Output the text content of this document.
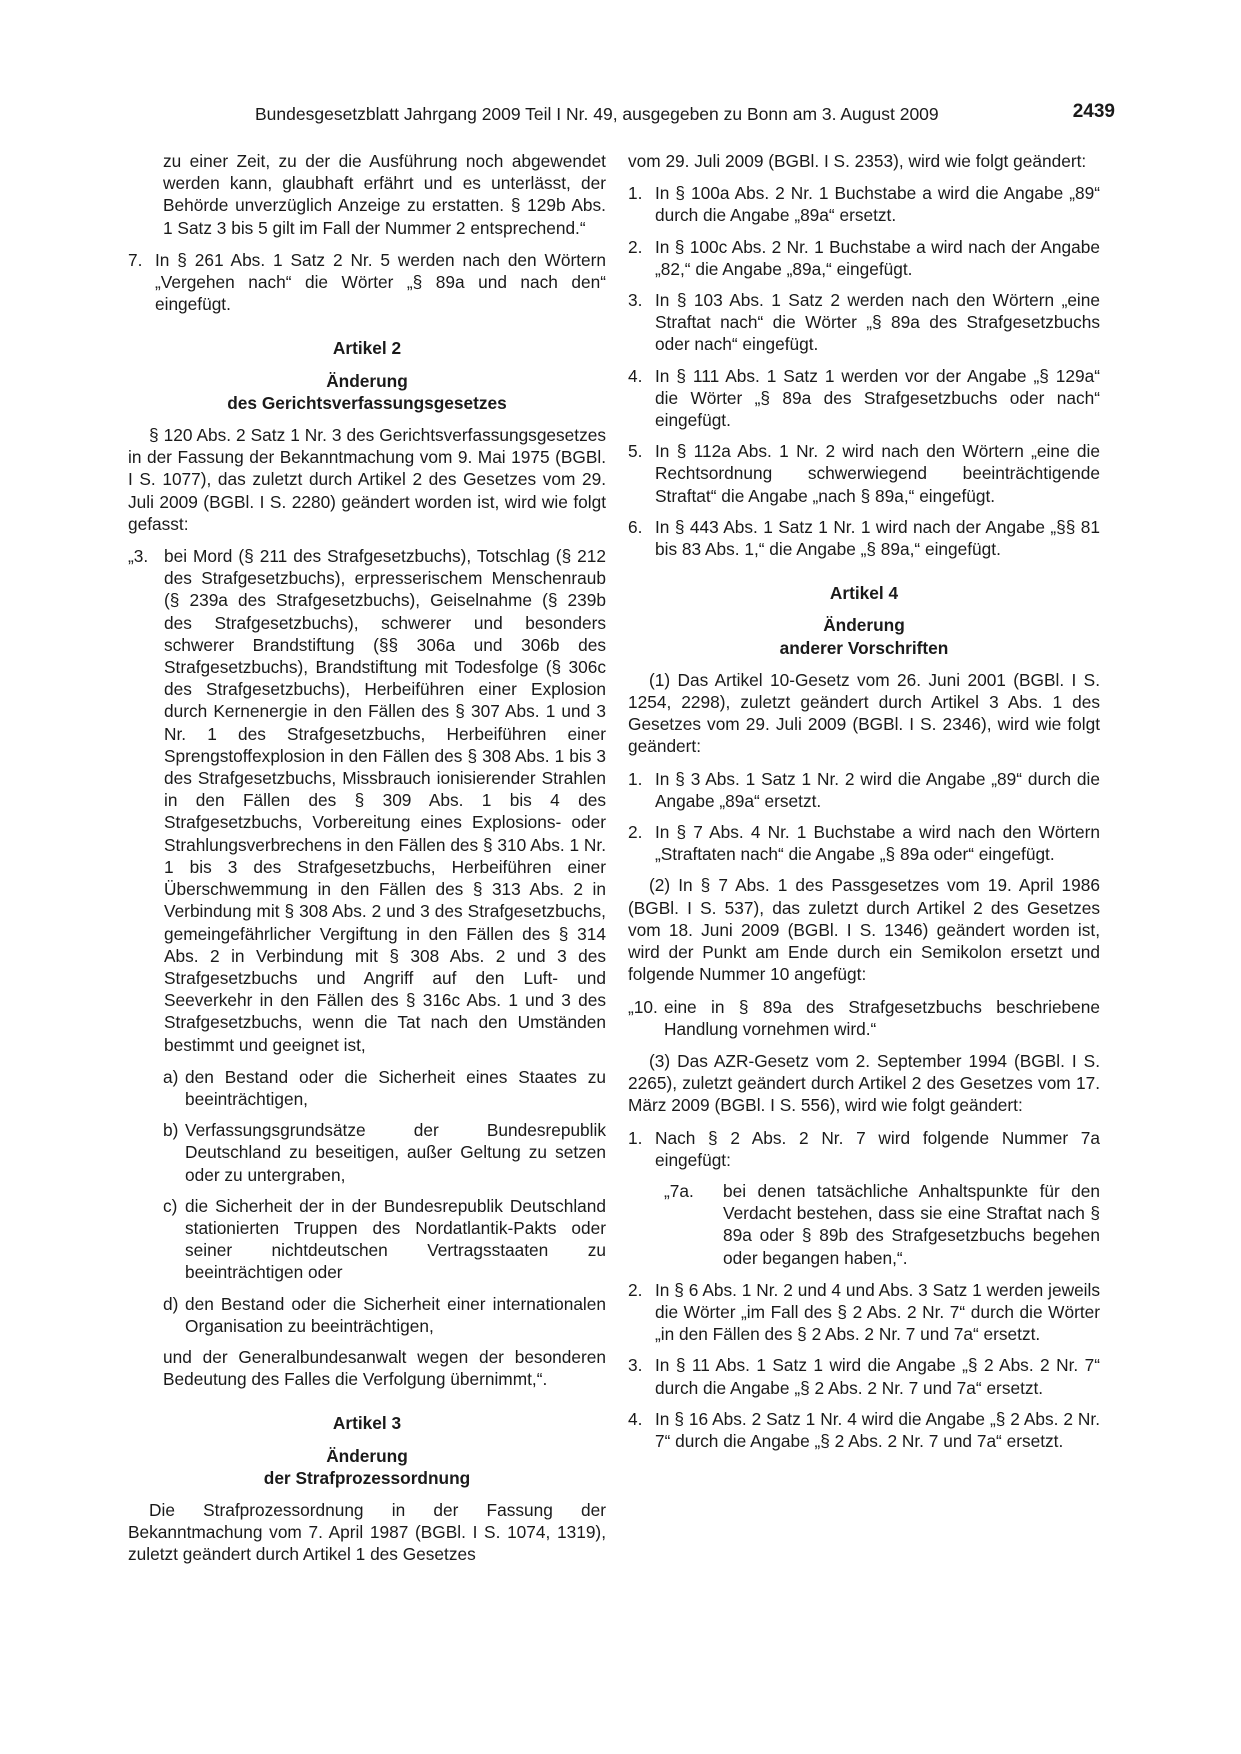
Bundesgesetzblatt Jahrgang 2009 Teil I Nr. 49, ausgegeben zu Bonn am 3. August 2009	2439

zu einer Zeit, zu der die Ausführung noch abgewendet werden kann, glaubhaft erfährt und es unterlässt, der Behörde unverzüglich Anzeige zu erstatten. § 129b Abs. 1 Satz 3 bis 5 gilt im Fall der Nummer 2 entsprechend.“

7. In § 261 Abs. 1 Satz 2 Nr. 5 werden nach den Wörtern „Vergehen nach“ die Wörter „§ 89a und nach den“ eingefügt.

Artikel 2

Änderung

des Gerichtsverfassungsgesetzes

§ 120 Abs. 2 Satz 1 Nr. 3 des Gerichtsverfassungsgesetzes in der Fassung der Bekanntmachung vom 9. Mai 1975 (BGBl. I S. 1077), das zuletzt durch Artikel 2 des Gesetzes vom 29. Juli 2009 (BGBl. I S. 2280) geändert worden ist, wird wie folgt gefasst:

„3. bei Mord (§ 211 des Strafgesetzbuchs), Totschlag (§ 212 des Strafgesetzbuchs), erpresserischem Menschenraub (§ 239a des Strafgesetzbuchs), Geiselnahme (§ 239b des Strafgesetzbuchs), schwerer und besonders schwerer Brandstiftung (§§ 306a und 306b des Strafgesetzbuchs), Brandstiftung mit Todesfolge (§ 306c des Strafgesetzbuchs), Herbeiführen einer Explosion durch Kernenergie in den Fällen des § 307 Abs. 1 und 3 Nr. 1 des Strafgesetzbuchs, Herbeiführen einer Sprengstoffexplosion in den Fällen des § 308 Abs. 1 bis 3 des Strafgesetzbuchs, Missbrauch ionisierender Strahlen in den Fällen des § 309 Abs. 1 bis 4 des Strafgesetzbuchs, Vorbereitung eines Explosions- oder Strahlungsverbrechens in den Fällen des § 310 Abs. 1 Nr. 1 bis 3 des Strafgesetzbuchs, Herbeiführen einer Überschwemmung in den Fällen des § 313 Abs. 2 in Verbindung mit § 308 Abs. 2 und 3 des Strafgesetzbuchs, gemeingefährlicher Vergiftung in den Fällen des § 314 Abs. 2 in Verbindung mit § 308 Abs. 2 und 3 des Strafgesetzbuchs und Angriff auf den Luft- und Seeverkehr in den Fällen des § 316c Abs. 1 und 3 des Strafgesetzbuchs, wenn die Tat nach den Umständen bestimmt und geeignet ist,
a) den Bestand oder die Sicherheit eines Staates zu beeinträchtigen,
b) Verfassungsgrundsätze der Bundesrepublik Deutschland zu beseitigen, außer Geltung zu setzen oder zu untergraben,
c) die Sicherheit der in der Bundesrepublik Deutschland stationierten Truppen des Nordatlantik-Pakts oder seiner nichtdeutschen Vertragsstaaten zu beeinträchtigen oder
d) den Bestand oder die Sicherheit einer internationalen Organisation zu beeinträchtigen,

und der Generalbundesanwalt wegen der besonderen Bedeutung des Falles die Verfolgung übernimmt,“.

Artikel 3

Änderung

der Strafprozessordnung

Die Strafprozessordnung in der Fassung der Bekanntmachung vom 7. April 1987 (BGBl. I S. 1074, 1319), zuletzt geändert durch Artikel 1 des Gesetzes

vom 29. Juli 2009 (BGBl. I S. 2353), wird wie folgt geändert:

1. In § 100a Abs. 2 Nr. 1 Buchstabe a wird die Angabe „89“ durch die Angabe „89a“ ersetzt.
2. In § 100c Abs. 2 Nr. 1 Buchstabe a wird nach der Angabe „82,“ die Angabe „89a,“ eingefügt.
3. In § 103 Abs. 1 Satz 2 werden nach den Wörtern „eine Straftat nach“ die Wörter „§ 89a des Strafgesetzbuchs oder nach“ eingefügt.
4. In § 111 Abs. 1 Satz 1 werden vor der Angabe „§ 129a“ die Wörter „§ 89a des Strafgesetzbuchs oder nach“ eingefügt.
5. In § 112a Abs. 1 Nr. 2 wird nach den Wörtern „eine die Rechtsordnung schwerwiegend beeinträchtigende Straftat“ die Angabe „nach § 89a,“ eingefügt.
6. In § 443 Abs. 1 Satz 1 Nr. 1 wird nach der Angabe „§§ 81 bis 83 Abs. 1,“ die Angabe „§ 89a,“ eingefügt.

Artikel 4

Änderung

anderer Vorschriften

(1) Das Artikel 10-Gesetz vom 26. Juni 2001 (BGBl. I S. 1254, 2298), zuletzt geändert durch Artikel 3 Abs. 1 des Gesetzes vom 29. Juli 2009 (BGBl. I S. 2346), wird wie folgt geändert:

1. In § 3 Abs. 1 Satz 1 Nr. 2 wird die Angabe „89“ durch die Angabe „89a“ ersetzt.
2. In § 7 Abs. 4 Nr. 1 Buchstabe a wird nach den Wörtern „Straftaten nach“ die Angabe „§ 89a oder“ eingefügt.

(2) In § 7 Abs. 1 des Passgesetzes vom 19. April 1986 (BGBl. I S. 537), das zuletzt durch Artikel 2 des Gesetzes vom 18. Juni 2009 (BGBl. I S. 1346) geändert worden ist, wird der Punkt am Ende durch ein Semikolon ersetzt und folgende Nummer 10 angefügt:

„10. eine in § 89a des Strafgesetzbuchs beschriebene Handlung vornehmen wird.“

(3) Das AZR-Gesetz vom 2. September 1994 (BGBl. I S. 2265), zuletzt geändert durch Artikel 2 des Gesetzes vom 17. März 2009 (BGBl. I S. 556), wird wie folgt geändert:

1. Nach § 2 Abs. 2 Nr. 7 wird folgende Nummer 7a eingefügt:
„7a. bei denen tatsächliche Anhaltspunkte für den Verdacht bestehen, dass sie eine Straftat nach § 89a oder § 89b des Strafgesetzbuchs begehen oder begangen haben,“.
2. In § 6 Abs. 1 Nr. 2 und 4 und Abs. 3 Satz 1 werden jeweils die Wörter „im Fall des § 2 Abs. 2 Nr. 7“ durch die Wörter „in den Fällen des § 2 Abs. 2 Nr. 7 und 7a“ ersetzt.
3. In § 11 Abs. 1 Satz 1 wird die Angabe „§ 2 Abs. 2 Nr. 7“ durch die Angabe „§ 2 Abs. 2 Nr. 7 und 7a“ ersetzt.
4. In § 16 Abs. 2 Satz 1 Nr. 4 wird die Angabe „§ 2 Abs. 2 Nr. 7“ durch die Angabe „§ 2 Abs. 2 Nr. 7 und 7a“ ersetzt.
